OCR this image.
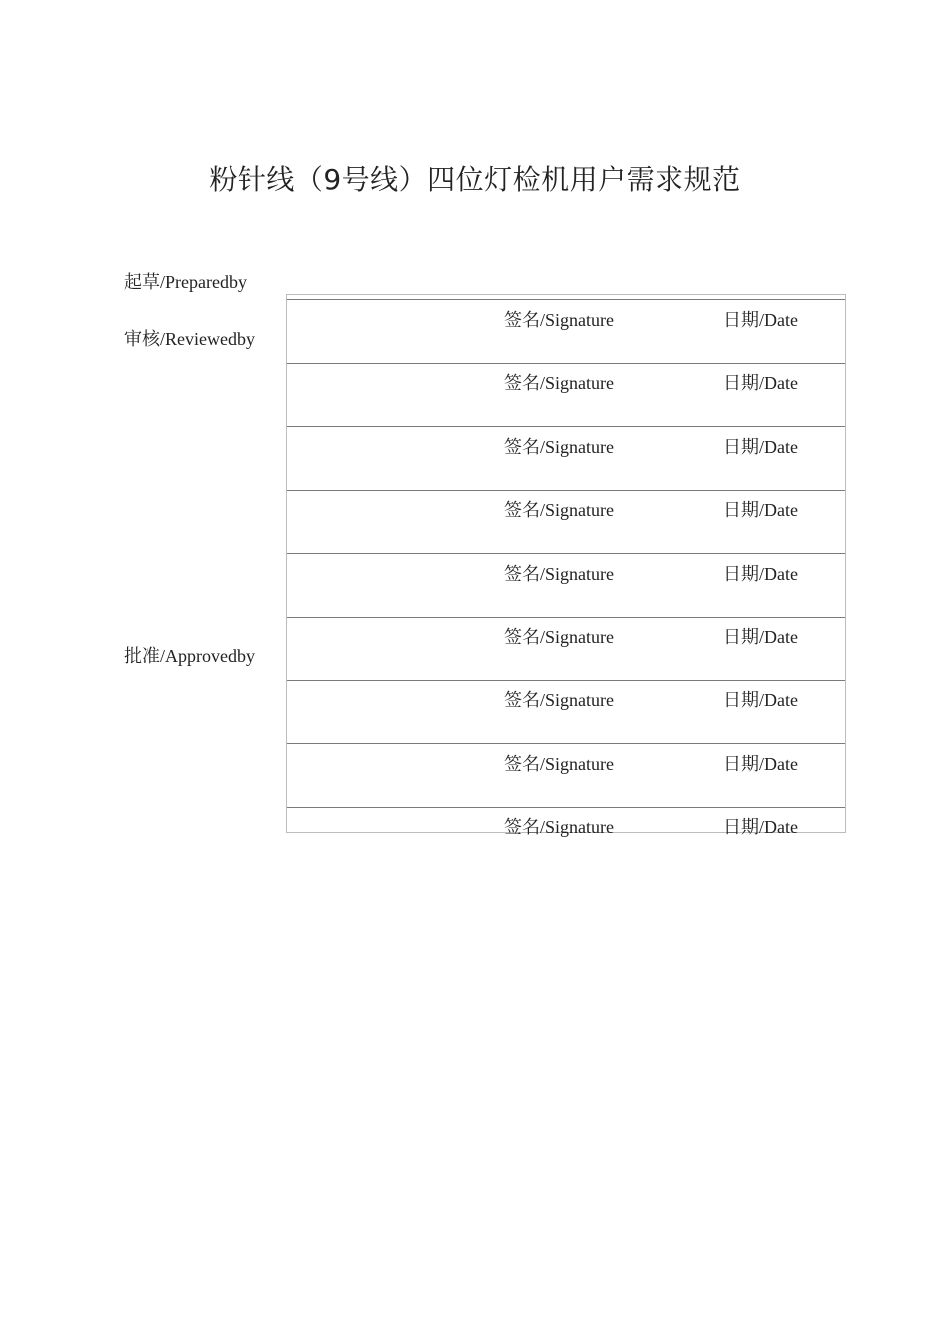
粉针线（9号线）四位灯检机用户需求规范
起草/Preparedby
审核/Reviewedby
批准/Approvedby
签名/Signature	日期/Date
签名/Signature	日期/Date
签名/Signature	日期/Date
签名/Signature	日期/Date
签名/Signature	日期/Date
签名/Signature	日期/Date
签名/Signature	日期/Date
签名/Signature	日期/Date
签名/Signature	日期/Date
